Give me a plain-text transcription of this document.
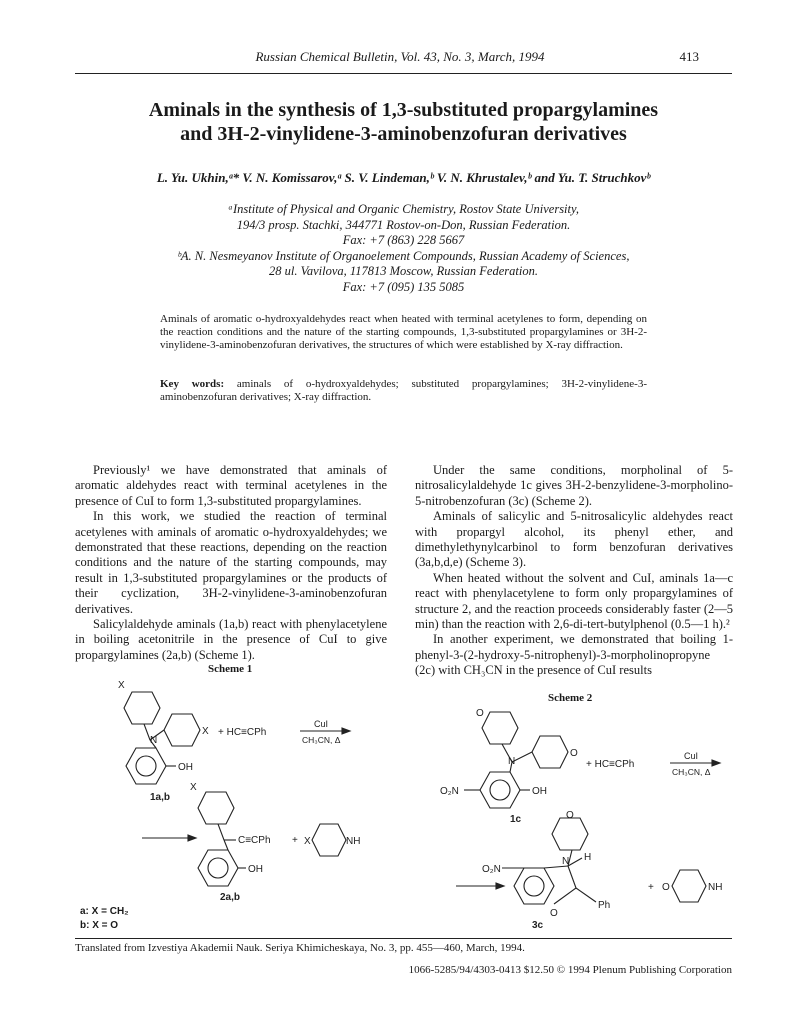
Russian Chemical Bulletin, Vol. 43, No. 3, March, 1994	413
Aminals in the synthesis of 1,3-substituted propargylamines
and 3H-2-vinylidene-3-aminobenzofuran derivatives
L. Yu. Ukhin,ᵃ* V. N. Komissarov,ᵃ S. V. Lindeman,ᵇ V. N. Khrustalev,ᵇ and Yu. T. Struchkovᵇ
ᵃInstitute of Physical and Organic Chemistry, Rostov State University,
194/3 prosp. Stachki, 344771 Rostov-on-Don, Russian Federation.
Fax: +7 (863) 228 5667
ᵇA. N. Nesmeyanov Institute of Organoelement Compounds, Russian Academy of Sciences,
28 ul. Vavilova, 117813 Moscow, Russian Federation.
Fax: +7 (095) 135 5085
Aminals of aromatic o-hydroxyaldehydes react when heated with terminal acetylenes to form, depending on the reaction conditions and the nature of the starting compounds, 1,3-substituted propargylamines or 3H-2-vinylidene-3-aminobenzofuran derivatives, the structures of which were established by X-ray diffraction.
Key words: aminals of o-hydroxyaldehydes; substituted propargylamines; 3H-2-vinylidene-3-aminobenzofuran derivatives; X-ray diffraction.

Previously¹ we have demonstrated that aminals of aromatic aldehydes react with terminal acetylenes in the presence of CuI to form 1,3-substituted propargylamines.

In this work, we studied the reaction of terminal acetylenes with aminals of aromatic o-hydroxyaldehydes; we demonstrated that these reactions, depending on the reaction conditions and the nature of the starting compounds, may result in 1,3-substituted propargylamines or the products of their cyclization, 3H-2-vinylidene-3-aminobenzofuran derivatives.

Salicylaldehyde aminals (1a,b) react with phenylacetylene in boiling acetonitrile in the presence of CuI to give propargylamines (2a,b) (Scheme 1).

Under the same conditions, morpholinal of 5-nitrosalicylaldehyde 1c gives 3H-2-benzylidene-3-morpholino-5-nitrobenzofuran (3c) (Scheme 2).

Aminals of salicylic and 5-nitrosalicylic aldehydes react with propargyl alcohol, its phenyl ether, and dimethylethynylcarbinol to form benzofuran derivatives (3a,b,d,e) (Scheme 3).

When heated without the solvent and CuI, aminals 1a—c react with phenylacetylene to form only propargylamines of structure 2, and the reaction proceeds considerably faster (2—5 min) than the reaction with 2,6-di-tert-butylphenol (0.5—1 h).²

In another experiment, we demonstrated that boiling 1-phenyl-3-(2-hydroxy-5-nitrophenyl)-3-morpholinopropyne (2c) with CH₃CN in the presence of CuI results

Scheme 1
X
N
X
OH
+ HC≡CPh
CuI
CH₃CN, Δ
1a,b
X
C≡CPh + X	NH
OH
2a,b
a: X = CH₂
b: X = O
Scheme 2
O
N
O
+ HC≡CPh
CuI
CH₃CN, Δ
O₂N	OH
1c	O
N H
O₂N
Ph
O
+ O	NH
3c
Translated from Izvestiya Akademii Nauk. Seriya Khimicheskaya, No. 3, pp. 455—460, March, 1994.
1066-5285/94/4303-0413 $12.50 © 1994 Plenum Publishing Corporation
